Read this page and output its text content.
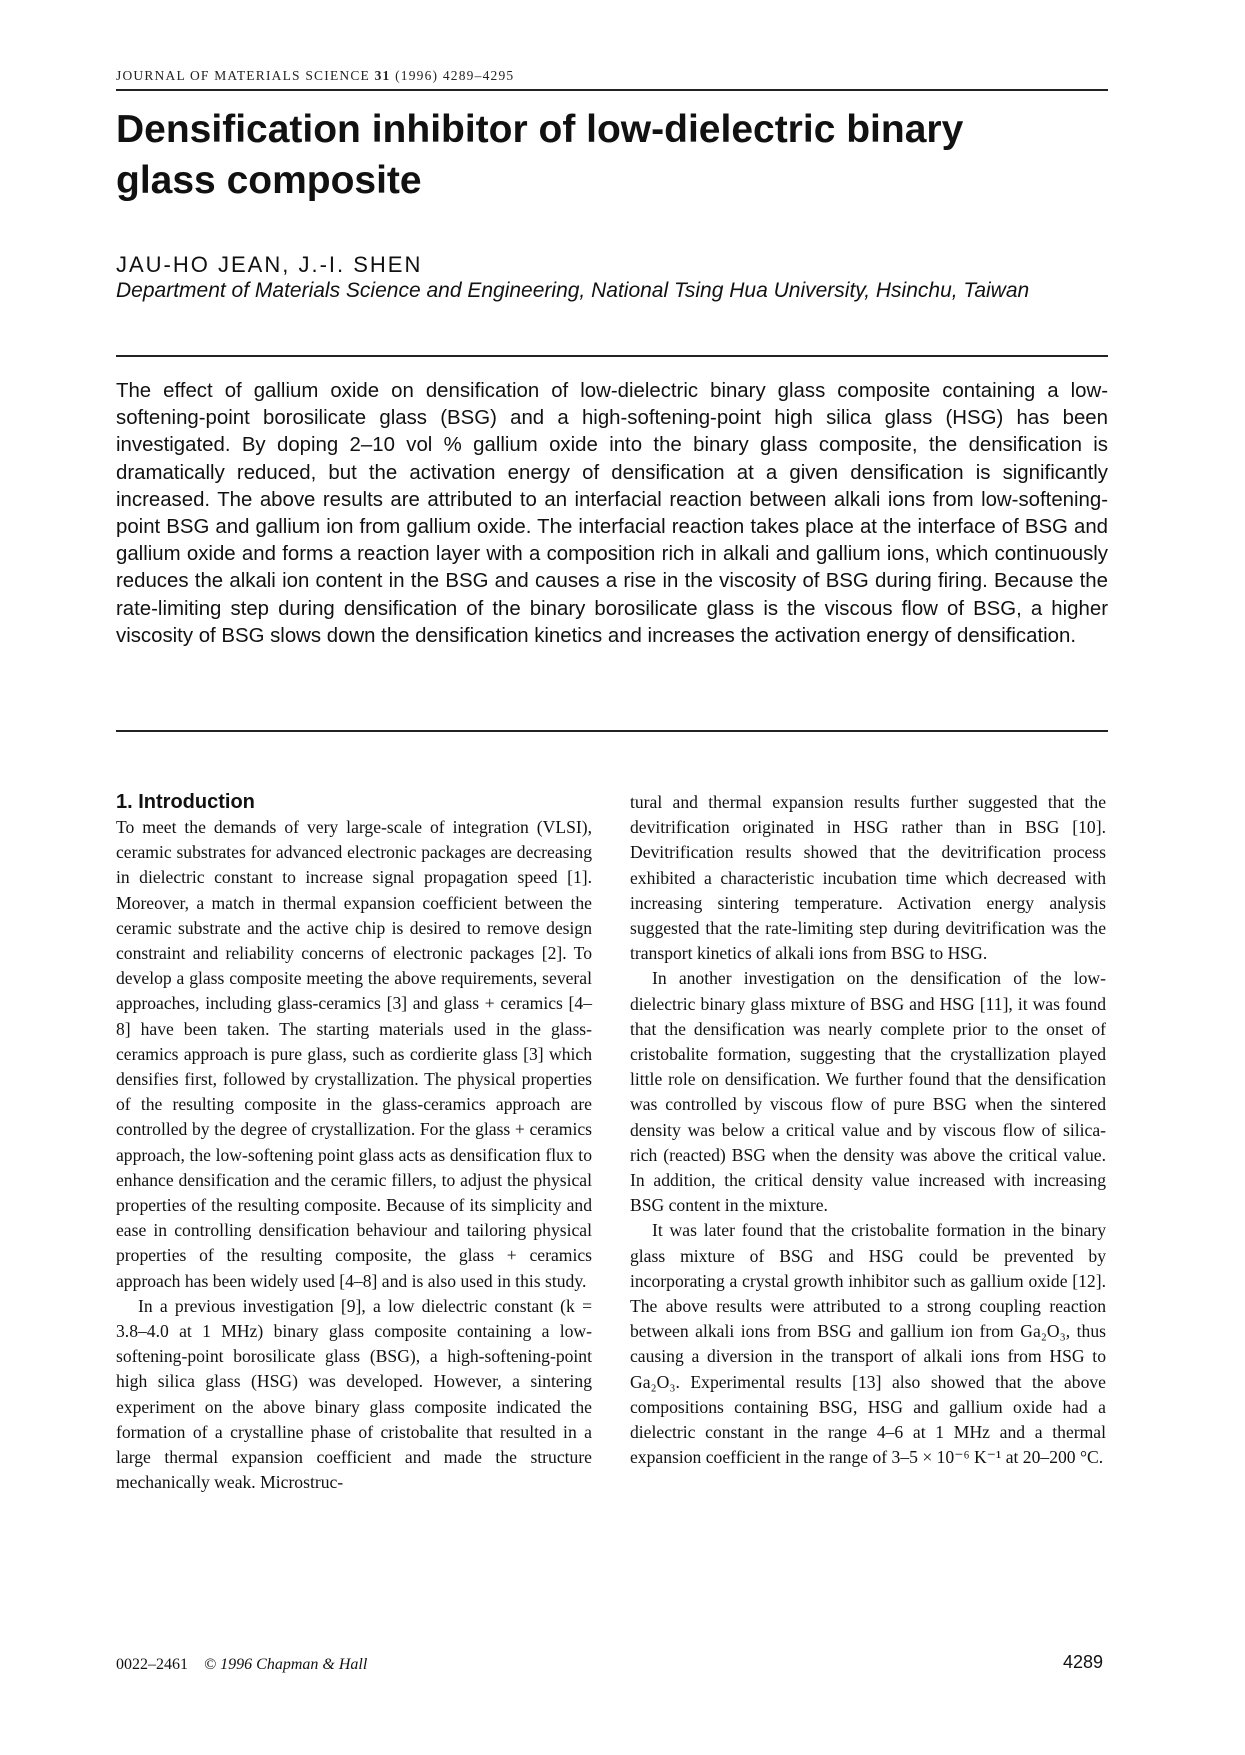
JOURNAL OF MATERIALS SCIENCE 31 (1996) 4289–4295
Densification inhibitor of low-dielectric binary glass composite
JAU-HO JEAN, J.-I. SHEN
Department of Materials Science and Engineering, National Tsing Hua University, Hsinchu, Taiwan
The effect of gallium oxide on densification of low-dielectric binary glass composite containing a low-softening-point borosilicate glass (BSG) and a high-softening-point high silica glass (HSG) has been investigated. By doping 2–10 vol % gallium oxide into the binary glass composite, the densification is dramatically reduced, but the activation energy of densification at a given densification is significantly increased. The above results are attributed to an interfacial reaction between alkali ions from low-softening-point BSG and gallium ion from gallium oxide. The interfacial reaction takes place at the interface of BSG and gallium oxide and forms a reaction layer with a composition rich in alkali and gallium ions, which continuously reduces the alkali ion content in the BSG and causes a rise in the viscosity of BSG during firing. Because the rate-limiting step during densification of the binary borosilicate glass is the viscous flow of BSG, a higher viscosity of BSG slows down the densification kinetics and increases the activation energy of densification.
1. Introduction

To meet the demands of very large-scale of integration (VLSI), ceramic substrates for advanced electronic packages are decreasing in dielectric constant to increase signal propagation speed [1]. Moreover, a match in thermal expansion coefficient between the ceramic substrate and the active chip is desired to remove design constraint and reliability concerns of electronic packages [2]. To develop a glass composite meeting the above requirements, several approaches, including glass-ceramics [3] and glass + ceramics [4–8] have been taken. The starting materials used in the glass-ceramics approach is pure glass, such as cordierite glass [3] which densifies first, followed by crystallization. The physical properties of the resulting composite in the glass-ceramics approach are controlled by the degree of crystallization. For the glass + ceramics approach, the low-softening point glass acts as densification flux to enhance densification and the ceramic fillers, to adjust the physical properties of the resulting composite. Because of its simplicity and ease in controlling densification behaviour and tailoring physical properties of the resulting composite, the glass + ceramics approach has been widely used [4–8] and is also used in this study.

In a previous investigation [9], a low dielectric constant (k = 3.8–4.0 at 1 MHz) binary glass composite containing a low-softening-point borosilicate glass (BSG), a high-softening-point high silica glass (HSG) was developed. However, a sintering experiment on the above binary glass composite indicated the formation of a crystalline phase of cristobalite that resulted in a large thermal expansion coefficient and made the structure mechanically weak. Microstruc-

tural and thermal expansion results further suggested that the devitrification originated in HSG rather than in BSG [10]. Devitrification results showed that the devitrification process exhibited a characteristic incubation time which decreased with increasing sintering temperature. Activation energy analysis suggested that the rate-limiting step during devitrification was the transport kinetics of alkali ions from BSG to HSG.

In another investigation on the densification of the low-dielectric binary glass mixture of BSG and HSG [11], it was found that the densification was nearly complete prior to the onset of cristobalite formation, suggesting that the crystallization played little role on densification. We further found that the densification was controlled by viscous flow of pure BSG when the sintered density was below a critical value and by viscous flow of silica-rich (reacted) BSG when the density was above the critical value. In addition, the critical density value increased with increasing BSG content in the mixture.

It was later found that the cristobalite formation in the binary glass mixture of BSG and HSG could be prevented by incorporating a crystal growth inhibitor such as gallium oxide [12]. The above results were attributed to a strong coupling reaction between alkali ions from BSG and gallium ion from Ga₂O₃, thus causing a diversion in the transport of alkali ions from HSG to Ga₂O₃. Experimental results [13] also showed that the above compositions containing BSG, HSG and gallium oxide had a dielectric constant in the range 4–6 at 1 MHz and a thermal expansion coefficient in the range of 3–5 × 10⁻⁶ K⁻¹ at 20–200 °C.

0022–2461 © 1996 Chapman & Hall	4289
